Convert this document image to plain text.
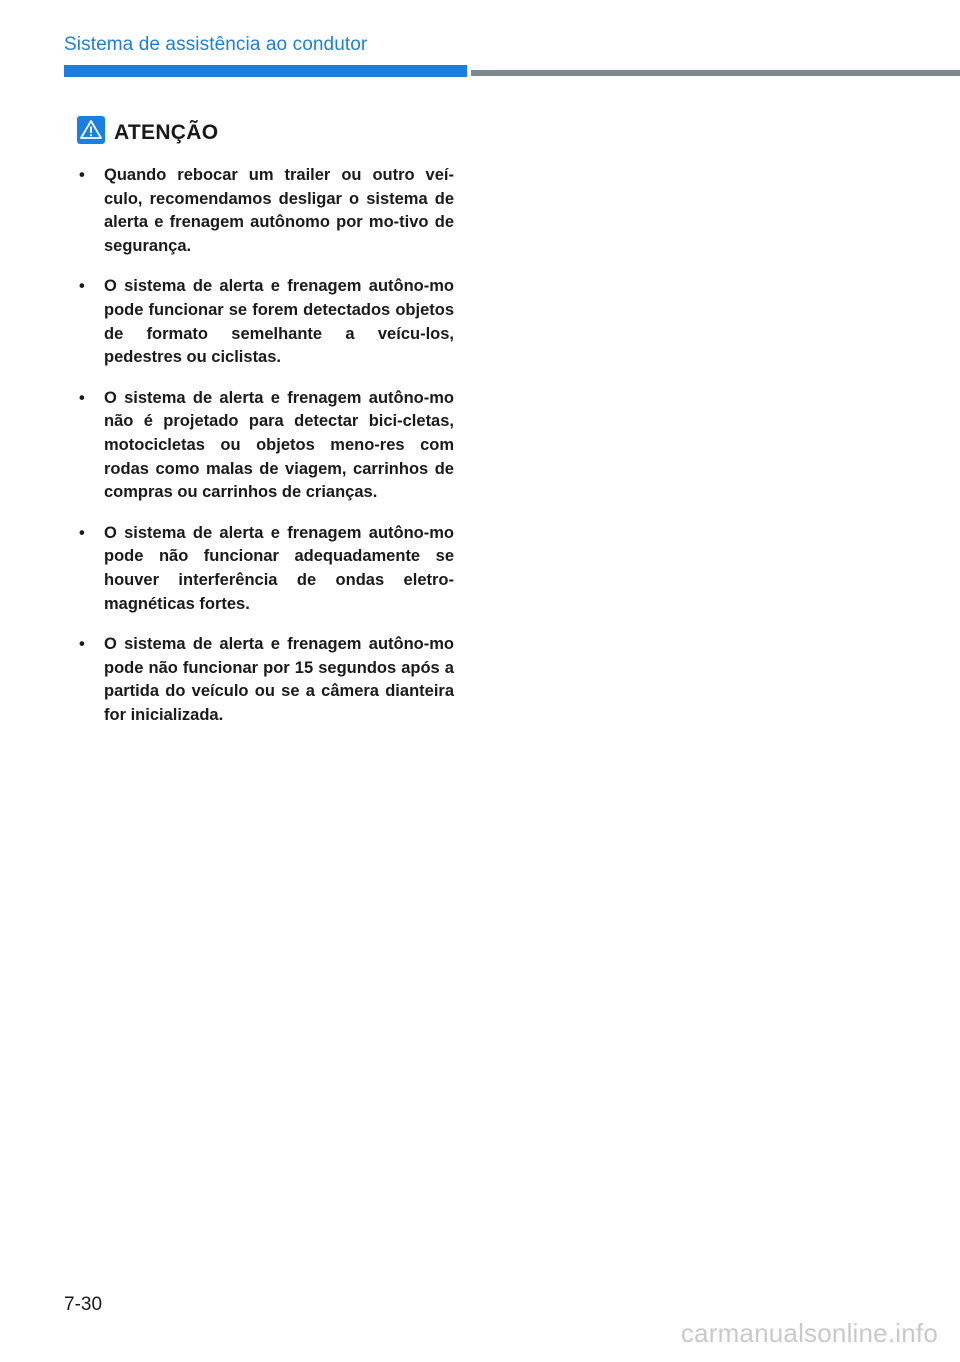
Sistema de assistência ao condutor
ATENÇÃO
• Quando rebocar um trailer ou outro veí-culo, recomendamos desligar o sistema de alerta e frenagem autônomo por mo-tivo de segurança.
• O sistema de alerta e frenagem autôno-mo pode funcionar se forem detectados objetos de formato semelhante a veícu-los, pedestres ou ciclistas.
• O sistema de alerta e frenagem autôno-mo não é projetado para detectar bici-cletas, motocicletas ou objetos meno-res com rodas como malas de viagem, carrinhos de compras ou carrinhos de crianças.
• O sistema de alerta e frenagem autôno-mo pode não funcionar adequadamente se houver interferência de ondas eletro-magnéticas fortes.
• O sistema de alerta e frenagem autôno-mo pode não funcionar por 15 segundos após a partida do veículo ou se a câmera dianteira for inicializada.
7-30
carmanualsonline.info
